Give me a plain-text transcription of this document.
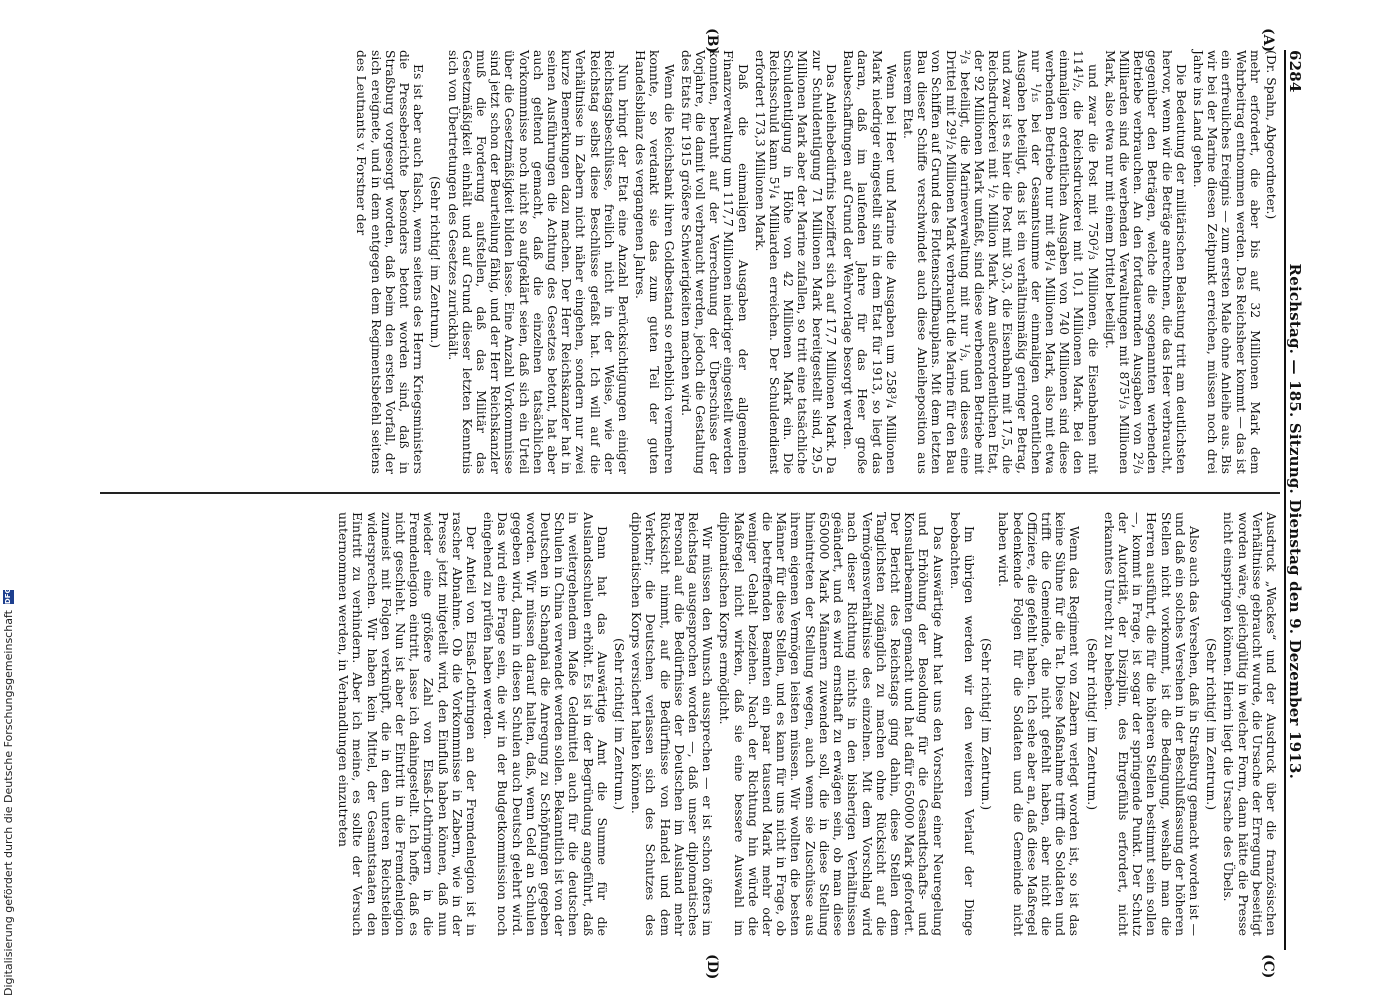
6284
Reichstag. — 185. Sitzung. Dienstag den 9. Dezember 1913.
(A)
(B)
(C)
(D)
(Dr. Spahn, Abgeordneter.)

mehr erfordert, die aber bis auf 32 Millionen Mark dem Wehrbeitrag entnommen werden. Das Reichsheer kommt — das ist ein erfreuliches Ereignis — zum ersten Male ohne Anleihe aus. Bis wir bei der Marine diesen Zeitpunkt erreichen, müssen noch drei Jahre ins Land gehen.

Die Bedeutung der militärischen Belastung tritt am deutlichsten hervor, wenn wir die Beträge anrechnen, die das Heer verbraucht, gegenüber den Beträgen, welche die sogenannten werbenden Betriebe verbrauchen. An den fortdauernden Ausgaben von 2²/₃ Milliarden sind die werbenden Verwaltungen mit 875¹/₃ Millionen Mark, also etwa nur mit einem Drittel beteiligt.

und zwar die Post mit 750²/₃ Millionen, die Eisenbahnen mit 114¹/₂, die Reichsdruckerei mit 10,1 Millionen Mark. Bei den einmaligen ordentlichen Ausgaben von 740 Millionen sind diese werbenden Betriebe nur mit 48¹/₄ Millionen Mark, also mit etwa nur ¹/₁₅ bei der Gesamtsumme der einmaligen ordentlichen Ausgaben beteiligt, das ist ein verhältnismäßig geringer Betrag, und zwar ist es hier die Post mit 30,3, die Eisenbahn mit 17,5, die Reichsdruckerei mit ¹/₂ Million Mark. Am außerordentlichen Etat, der 92 Millionen Mark umfaßt, sind diese werbenden Betriebe mit ²/₃ beteiligt, die Marineverwaltung mit nur ¹/₃, und dieses eine Drittel mit 29¹/₂ Millionen Mark verbraucht die Marine für den Bau von Schiffen auf Grund des Flottenschiffbauplans. Mit dem letzten Bau dieser Schiffe verschwindet auch diese Anleiheposition aus unserem Etat.

Wenn bei Heer und Marine die Ausgaben um 258³/₄ Millionen Mark niedriger eingestellt sind in dem Etat für 1913, so liegt das daran, daß im laufenden Jahre für das Heer große Baubeschaffungen auf Grund der Wehrvorlage besorgt werden.

Das Anleihebedürfnis beziffert sich auf 17,7 Millionen Mark. Da zur Schuldentilgung 71 Millionen Mark bereitgestellt sind, 29,5 Millionen Mark aber der Marine zufallen, so tritt eine tatsächliche Schuldentilgung in Höhe von 42 Millionen Mark ein. Die Reichsschuld kann 5¹/₄ Milliarden erreichen. Der Schuldendienst erfordert 173,3 Millionen Mark.

Daß die einmaligen Ausgaben der allgemeinen Finanzverwaltung um 117,7 Millionen niedriger eingestellt werden konnten, beruht auf der Verrechnung der Überschüsse der Vorjahre, die damit voll verbraucht werden, jedoch die Gestaltung des Etats für 1915 größere Schwierigkeiten machen wird.

Wenn die Reichsbank ihren Goldbestand so erheblich vermehren konnte, so verdankt sie das zum guten Teil der guten Handelsbilanz des vergangenen Jahres.

Nun bringt der Etat eine Anzahl Berücksichtigungen einiger Reichstagsbeschlüsse, freilich nicht in der Weise, wie der Reichstag selbst diese Beschlüsse gefaßt hat. Ich will auf die Verhältnisse in Zabern nicht näher eingehen, sondern nur zwei kurze Bemerkungen dazu machen. Der Herr Reichskanzler hat in seinen Ausführungen die Achtung des Gesetzes betont, hat aber auch geltend gemacht, daß die einzelnen tatsächlichen Vorkommnisse noch nicht so aufgeklärt seien, daß sich ein Urteil über die Gesetzmäßigkeit bilden lasse. Eine Anzahl Vorkommnisse sind jetzt schon der Beurteilung fähig, und der Herr Reichskanzler muß die Forderung aufstellen, daß das Militär das Gesetzmäßigkeit einhält und auf Grund dieser letzten Kenntnis sich von Übertretungen des Gesetzes zurückhält.

(Sehr richtig! im Zentrum.)

Es ist aber auch falsch, wenn seitens des Herrn Kriegsministers die Presseberichte besonders betont worden sind, daß in Straßburg vorgesorgt worden, daß beim den ersten Vorfall, der sich ereignete, und in dem entgegen dem Regimentsbefehl seitens des Leutnants v. Forstner der

Ausdruck „Wackes“ und der Ausdruck über die französischen Verhältnisse gebraucht wurde, die Ursache der Erregung beseitigt worden wäre, gleichgültig in welcher Form, dann hätte die Presse nicht einspringen können. Hierin liegt die Ursache des Übels.

(Sehr richtig! im Zentrum.)

Also auch das Versehen, daß in Straßburg gemacht worden ist — und daß ein solches Versehen in der Beschlußfassung der höheren Stellen nicht vorkommt, ist die Bedingung, weshalb man die Herren ausführt, die für die höheren Stellen bestimmt sein sollen —, kommt in Frage, ist sogar der springende Punkt. Der Schutz der Autorität, der Disziplin, des Ehrgefühls erfordert, nicht erkanntes Unrecht zu beheben.

(Sehr richtig! im Zentrum.)

Wenn das Regiment von Zabern verlegt worden ist, so ist das keine Sühne für die Tat. Diese Maßnahme trifft die Soldaten und trifft die Gemeinde, die nicht gefehlt haben, aber nicht die Offiziere, die gefehlt haben. Ich sehe aber an, daß diese Maßregel bedenkende Folgen für die Soldaten und die Gemeinde nicht haben wird.

(Sehr richtig! im Zentrum.)

Im übrigen werden wir den weiteren Verlauf der Dinge beobachten.

Das Auswärtige Amt hat uns den Vorschlag einer Neuregelung und Erhöhung der Besoldung für die Gesandtschafts- und Konsularbeamten gemacht und hat dafür 650000 Mark gefordert. Der Bericht des Reichstags ging dahin, diese Stellen dem Tanglichsten zugänglich zu machen ohne Rücksicht auf die Vermögensverhältnisse des einzelnen. Mit dem Vorschlag wird nach dieser Richtung nichts in den bisherigen Verhältnissen geändert, und es wird ernsthaft zu erwägen sein, ob man diese 650000 Mark Männern zuwenden soll, die in diese Stellung hineintreten der Stellung wegen, auch wenn sie Zuschüsse aus ihrem eigenen Vermögen leisten müssen. Wir wollten die besten Männer für diese Stellen, und es kann für uns nicht in Frage, ob die betreffenden Beamten ein paar tausend Mark mehr oder weniger Gehalt beziehen. Nach der Richtung hin würde die Maßregel nicht wirken, daß sie eine bessere Auswahl im diplomatischen Korps ermöglicht.

Wir müssen den Wunsch aussprechen — er ist schon öfters im Reichstag ausgesprochen worden —, daß unser diplomatisches Personal auf die Bedürfnisse der Deutschen im Ausland mehr Rücksicht nimmt, auf die Bedürfnisse von Handel und dem Verkehr; die Deutschen verlassen sich des Schutzes des diplomatischen Korps versichert halten können.

(Sehr richtig! im Zentrum.)

Dann hat das Auswärtige Amt die Summe für die Auslandsschulen erhöht. Es ist in der Begründung angeführt, daß in weitergehendem Maße Geldmittel auch für die deutschen Schulen in China verwendet werden sollen. Bekanntlich ist von der Deutschen in Schanghai die Anregung zu Schöpfungen gegeben worden. Wir müssen darauf halten, daß, wenn Geld an Schulen gegeben wird, dann in diesen Schulen auch Deutsch gelehrt wird. Das wird eine Frage sein, die wir in der Budgetkommission noch eingehend zu prüfen haben werden.

Der Anteil von Elsaß-Lothringen an der Fremdenlegion ist in rascher Abnahme. Ob die Vorkommnisse in Zabern, wie in der Presse jetzt mitgeteilt wird, den Einfluß haben können, daß nun wieder eine größere Zahl von Elsaß-Lothringern in die Fremdenlegion eintritt, lasse ich dahingestellt. Ich hoffe, daß es nicht geschieht. Nun ist aber der Eintritt in die Fremdenlegion zumeist mit Folgen verknüpft, die in den unteren Reichsteilen widersprechen. Wir haben kein Mittel, der Gesamtstaaten den Eintritt zu verhindern. Aber ich meine, es sollte der Versuch unternommen werden, in Verhandlungen einzutreten

Digitalisierung gefördert durch die Deutsche Forschungsgemeinschaft
DFG
